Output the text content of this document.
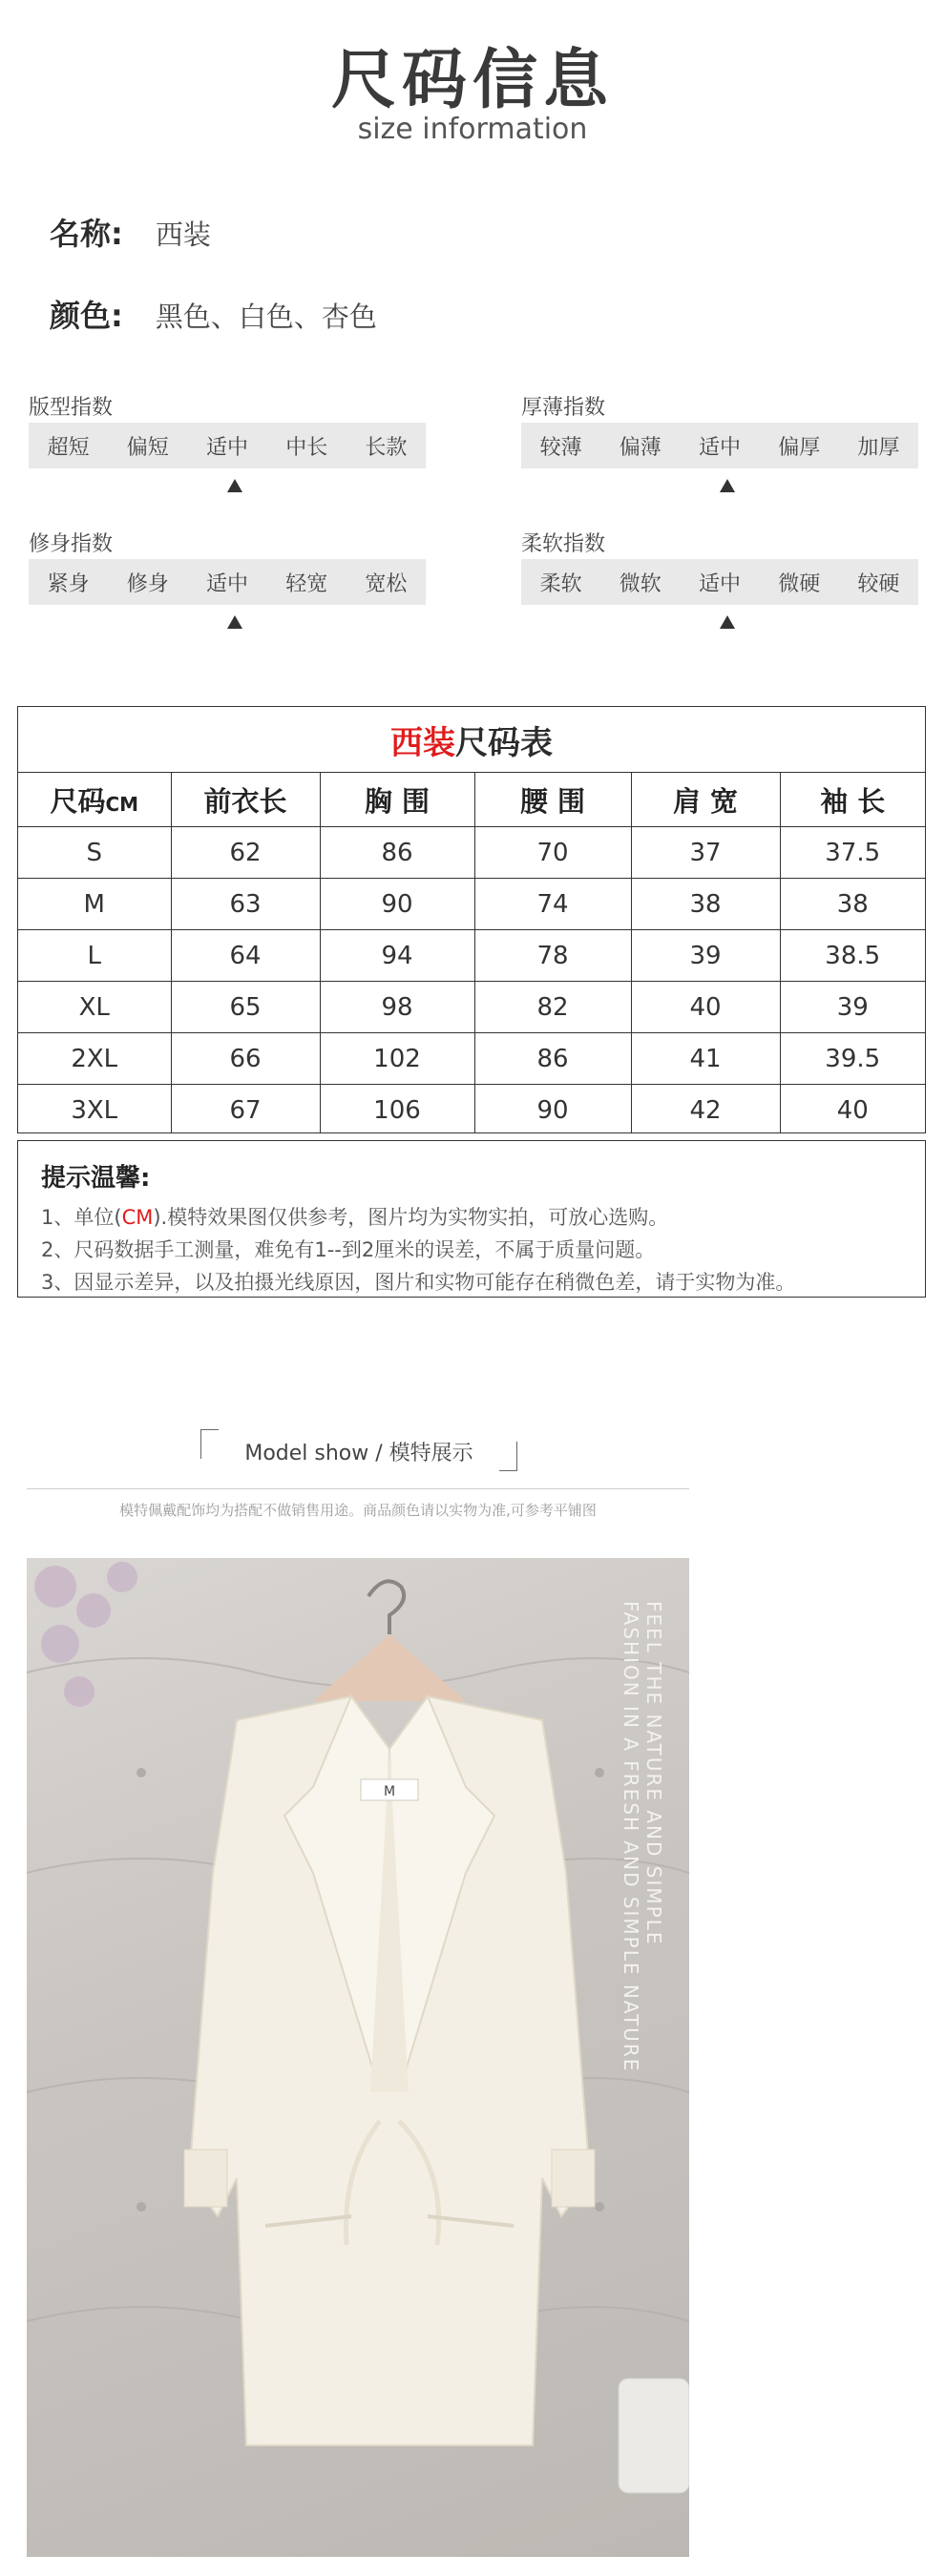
尺码信息
size information
名称: 西装
颜色: 黑色、白色、杏色
版型指数
超短	偏短	适中	中长	长款
厚薄指数
较薄	偏薄	适中	偏厚	加厚
修身指数
紧身	修身	适中	轻宽	宽松
柔软指数
柔软	微软	适中	微硬	较硬
西装尺码表					
尺码CM	前衣长	胸 围	腰 围	肩 宽	袖 长
S	62	86	70	37	37.5
M	63	90	74	38	38
L	64	94	78	39	38.5
XL	65	98	82	40	39
2XL	66	102	86	41	39.5
3XL	67	106	90	42	40

提示温馨:
1、单位(CM).模特效果图仅供参考，图片均为实物实拍，可放心选购。
2、尺码数据手工测量，难免有1--到2厘米的误差，不属于质量问题。
3、因显示差异，以及拍摄光线原因，图片和实物可能存在稍微色差，请于实物为准。
Model show / 模特展示
模特佩戴配饰均为搭配不做销售用途。商品颜色请以实物为准,可参考平铺图
M	FEEL THE NATURE AND SIMPLE
FASHION IN A FRESH AND SIMPLE NATURE
